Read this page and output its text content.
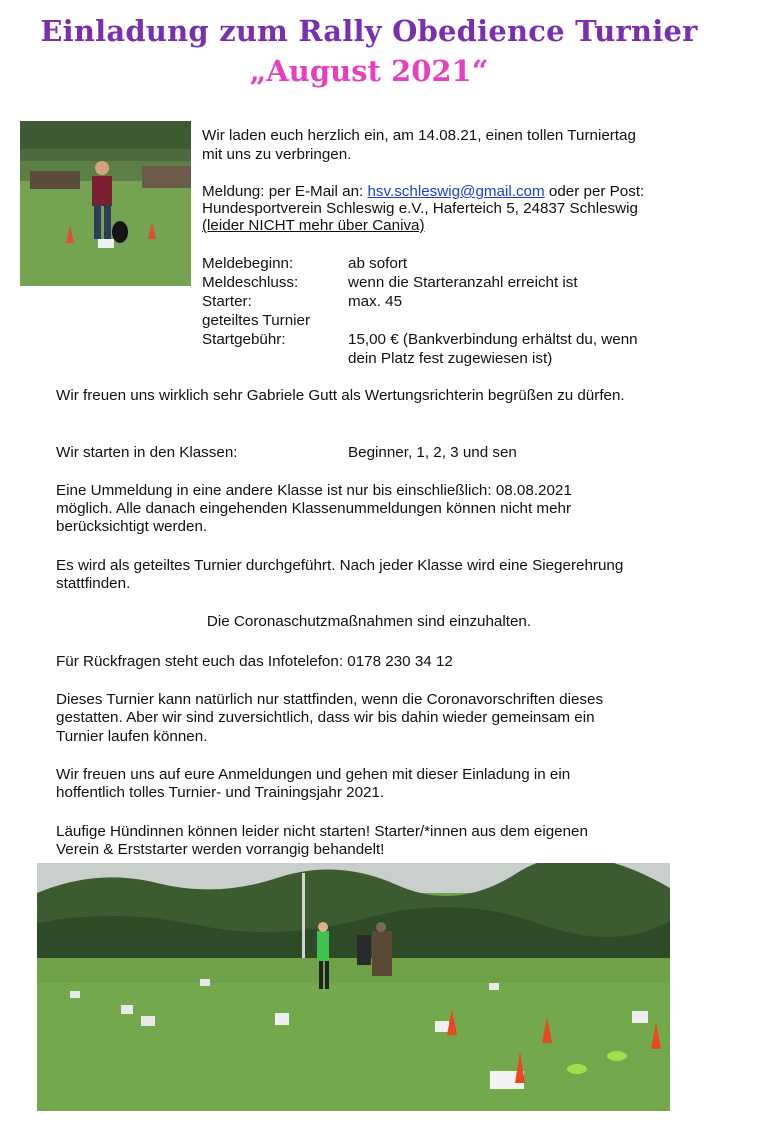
Einladung zum Rally Obedience Turnier
„August 2021“
Wir laden euch herzlich ein, am 14.08.21, einen tollen Turniertag
mit uns zu verbringen.
Meldung: per E-Mail an: hsv.schleswig@gmail.com oder per Post:
Hundesportverein Schleswig e.V., Haferteich 5, 24837 Schleswig
(leider NICHT mehr über Caniva)
Meldebeginn:	ab sofort
Meldeschluss:	wenn die Starteranzahl erreicht ist
Starter:	max. 45
geteiltes Turnier
Startgebühr:	15,00 € (Bankverbindung erhältst du, wenn
dein Platz fest zugewiesen ist)
Wir freuen uns wirklich sehr Gabriele Gutt als Wertungsrichterin begrüßen zu dürfen.
Wir starten in den Klassen:	Beginner, 1, 2, 3 und sen
Eine Ummeldung in eine andere Klasse ist nur bis einschließlich: 08.08.2021
möglich. Alle danach eingehenden Klassenummeldungen können nicht mehr
berücksichtigt werden.
Es wird als geteiltes Turnier durchgeführt. Nach jeder Klasse wird eine Siegerehrung
stattfinden.
Die Coronaschutzmaßnahmen sind einzuhalten.
Für Rückfragen steht euch das Infotelefon: 0178 230 34 12
Dieses Turnier kann natürlich nur stattfinden, wenn die Coronavorschriften dieses
gestatten. Aber wir sind zuversichtlich, dass wir bis dahin wieder gemeinsam ein
Turnier laufen können.
Wir freuen uns auf eure Anmeldungen und gehen mit dieser Einladung in ein
hoffentlich tolles Turnier- und Trainingsjahr 2021.
Läufige Hündinnen können leider nicht starten! Starter/*innen aus dem eigenen
Verein & Erststarter werden vorrangig behandelt!
